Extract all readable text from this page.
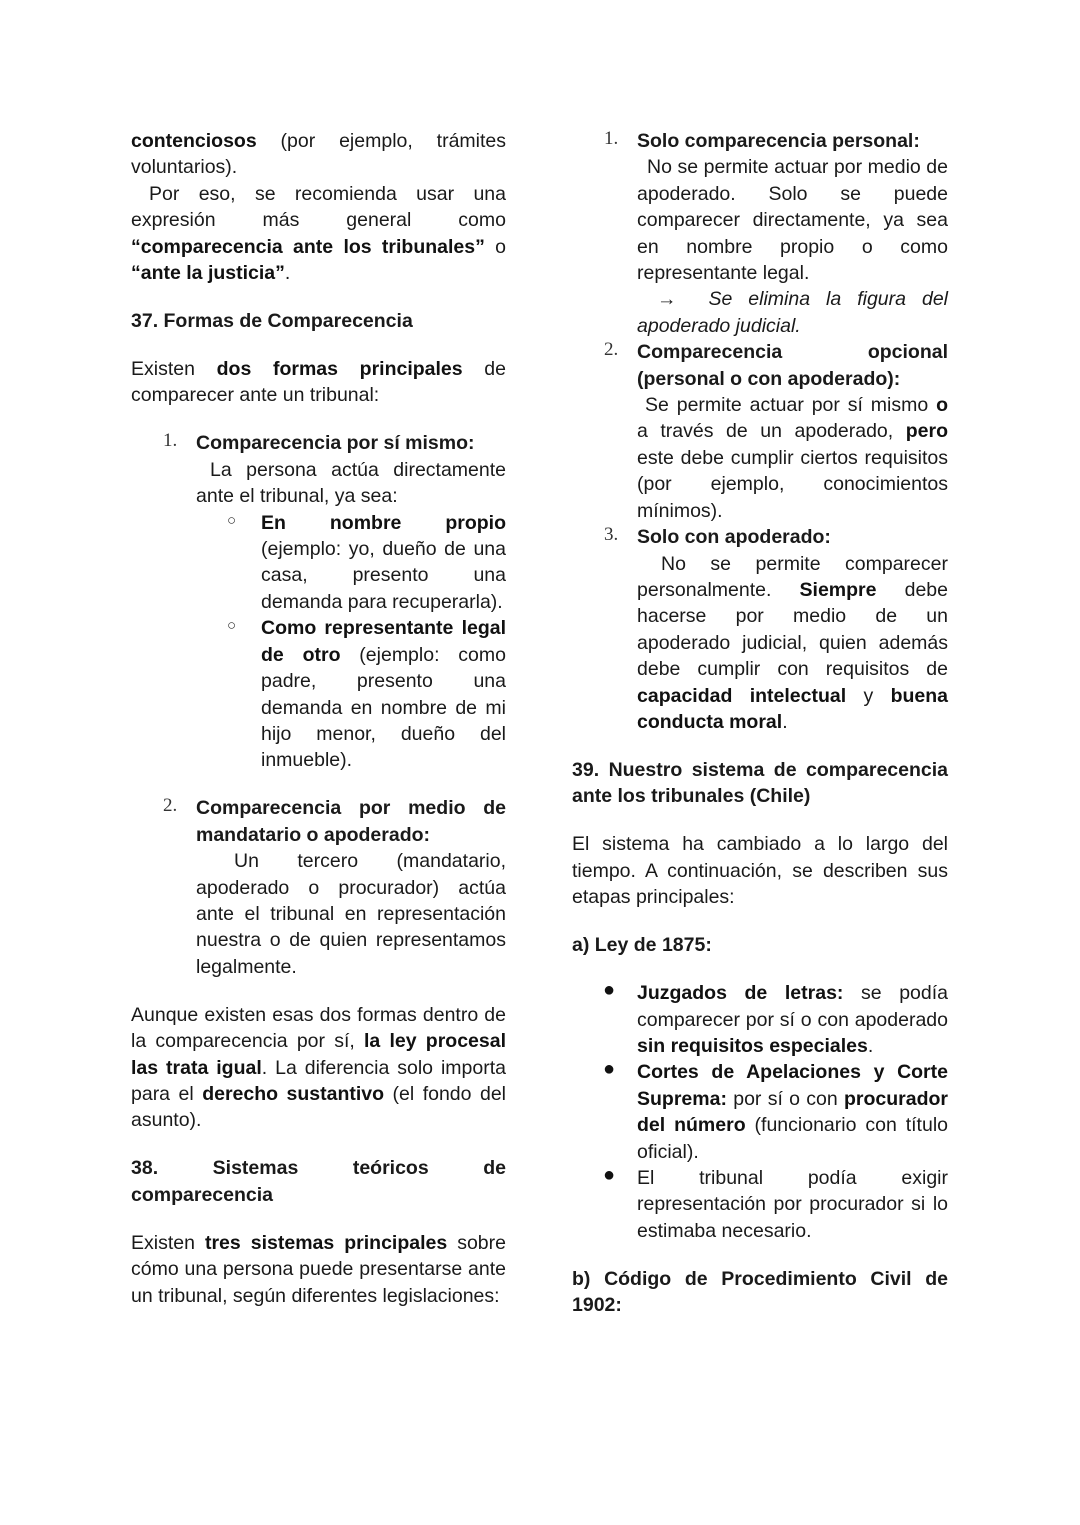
contenciosos (por ejemplo, trámites voluntarios).

Por eso, se recomienda usar una expresión más general como “comparecencia ante los tribunales” o “ante la justicia”.

37. Formas de Comparecencia

Existen dos formas principales de comparecer ante un tribunal:

1. Comparecencia por sí mismo:

La persona actúa directamente ante el tribunal, ya sea:

○ En nombre propio (ejemplo: yo, dueño de una casa, presento una demanda para recuperarla).

○ Como representante legal de otro (ejemplo: como padre, presento una demanda en nombre de mi hijo menor, dueño del inmueble).

2. Comparecencia por medio de mandatario o apoderado:

Un tercero (mandatario, apoderado o procurador) actúa ante el tribunal en representación nuestra o de quien representamos legalmente.

Aunque existen esas dos formas dentro de la comparecencia por sí, la ley procesal las trata igual. La diferencia solo importa para el derecho sustantivo (el fondo del asunto).

38. Sistemas teóricos de comparecencia

Existen tres sistemas principales sobre cómo una persona puede presentarse ante un tribunal, según diferentes legislaciones:

1. Solo comparecencia personal:

No se permite actuar por medio de apoderado. Solo se puede comparecer directamente, ya sea en nombre propio o como representante legal.

→ Se elimina la figura del apoderado judicial.

2. Comparecencia opcional (personal o con apoderado):

Se permite actuar por sí mismo o a través de un apoderado, pero este debe cumplir ciertos requisitos (por ejemplo, conocimientos mínimos).

3. Solo con apoderado:

No se permite comparecer personalmente. Siempre debe hacerse por medio de un apoderado judicial, quien además debe cumplir con requisitos de capacidad intelectual y buena conducta moral.

39. Nuestro sistema de comparecencia ante los tribunales (Chile)

El sistema ha cambiado a lo largo del tiempo. A continuación, se describen sus etapas principales:

a) Ley de 1875:
● Juzgados de letras: se podía comparecer por sí o con apoderado sin requisitos especiales.

● Cortes de Apelaciones y Corte Suprema: por sí o con procurador del número (funcionario con título oficial).

● El tribunal podía exigir representación por procurador si lo estimaba necesario.

b) Código de Procedimiento Civil de 1902:
